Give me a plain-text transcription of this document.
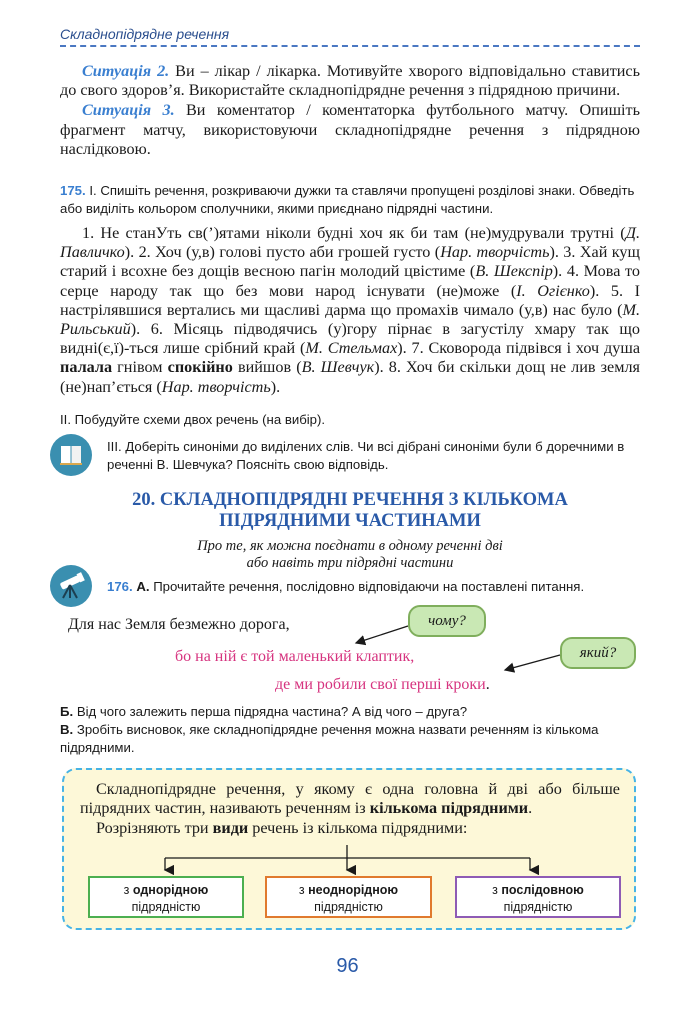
Складнопідрядне речення

Ситуація 2. Ви – лікар / лікарка. Мотивуйте хворого відповідально ставитись до свого здоров’я. Використайте складнопідрядне речення з підрядною причини.

Ситуація 3. Ви коментатор / коментаторка футбольного матчу. Опишіть фрагмент матчу, використовуючи складнопідрядне речення з підрядною наслідковою.

175. І. Спишіть речення, розкриваючи дужки та ставлячи пропущені розділові знаки. Обведіть або виділіть кольором сполучники, якими приєднано підрядні частини.
1. Не станУть св(’)ятами ніколи будні хоч як би там (не)мудрували трутні (Д. Павличко). 2. Хоч (у,в) голові пусто аби грошей густо (Нар. творчість). 3. Хай кущ старий і всохне без дощів весною пагін молодий цвістиме (В. Шекспір). 4. Мова то серце народу так що без мови народ існувати (не)може (І. Огієнко). 5. І настрілявшися вертались ми щасливі дарма що промахів чимало (у,в) нас було (М. Рильський). 6. Місяць підводячись (у)гору пірнає в загустілу хмару так що видні(є,ї)-ться лише срібний край (М. Стельмах). 7. Сковорода підвівся і хоч душа палала гнівом спокійно вийшов (В. Шевчук). 8. Хоч би скільки дощ не лив земля (не)нап’ється (Нар. творчість).
ІІ. Побудуйте схеми двох речень (на вибір).
ІІІ. Доберіть синоніми до виділених слів. Чи всі дібрані синоніми були б доречними в реченні В. Шевчука? Поясніть свою відповідь.
20. СКЛАДНОПІДРЯДНІ РЕЧЕННЯ З КІЛЬКОМА
ПІДРЯДНИМИ ЧАСТИНАМИ
Про те, як можна поєднати в одному реченні дві
або навіть три підрядні частини
176. А. Прочитайте речення, послідовно відповідаючи на поставлені питання.
Для нас Земля безмежно дорога,	чому?
бо на ній є той маленький клаптик,	який?
де ми робили свої перші кроки.
Б. Від чого залежить перша підрядна частина? А від чого – друга?
В. Зробіть висновок, яке складнопідрядне речення можна назвати реченням із кількома підрядними.
Складнопідрядне речення, у якому є одна головна й дві або більше підрядних частин, називають реченням із кількома підрядними.
Розрізняють три види речень із кількома підрядними:
з однорідною
підрядністю
з неоднорідною
підрядністю
з послідовною
підрядністю
96
